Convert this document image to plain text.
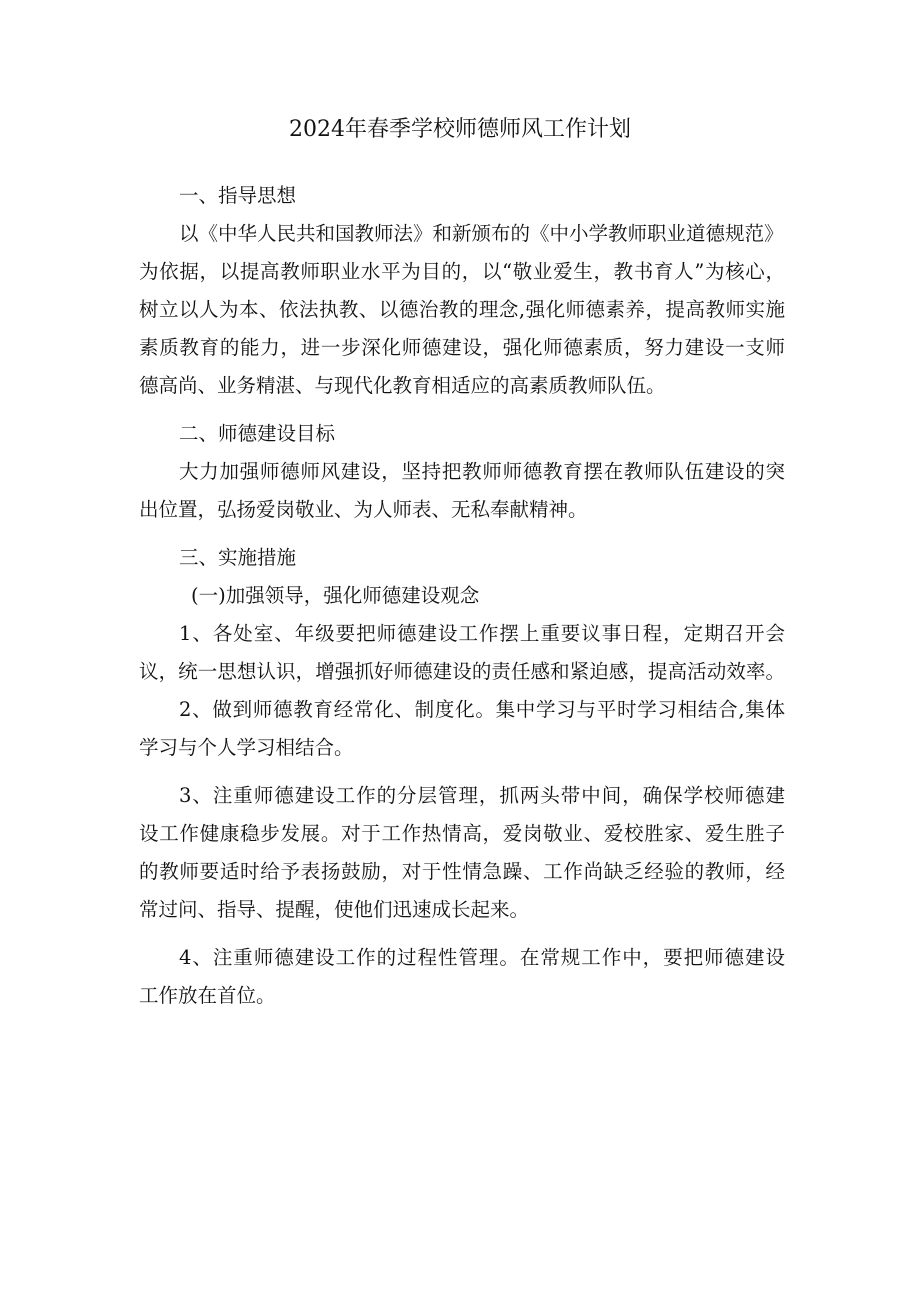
2024年春季学校师德师风工作计划

一、指导思想

以《中华人民共和国教师法》和新颁布的《中小学教师职业道德规范》

为依据，以提高教师职业水平为目的，以“敬业爱生，教书育人”为核心，

树立以人为本、依法执教、以德治教的理念,强化师德素养，提高教师实施

素质教育的能力，进一步深化师德建设，强化师德素质，努力建设一支师

德高尚、业务精湛、与现代化教育相适应的高素质教师队伍。

二、师德建设目标

大力加强师德师风建设，坚持把教师师德教育摆在教师队伍建设的突

出位置，弘扬爱岗敬业、为人师表、无私奉献精神。

三、实施措施

(一)加强领导，强化师德建设观念

1、各处室、年级要把师德建设工作摆上重要议事日程，定期召开会

议，统一思想认识，增强抓好师德建设的责任感和紧迫感，提高活动效率。

2、做到师德教育经常化、制度化。集中学习与平时学习相结合,集体

学习与个人学习相结合。

3、注重师德建设工作的分层管理，抓两头带中间，确保学校师德建

设工作健康稳步发展。对于工作热情高，爱岗敬业、爱校胜家、爱生胜子

的教师要适时给予表扬鼓励，对于性情急躁、工作尚缺乏经验的教师，经

常过问、指导、提醒，使他们迅速成长起来。

4、注重师德建设工作的过程性管理。在常规工作中，要把师德建设

工作放在首位。
